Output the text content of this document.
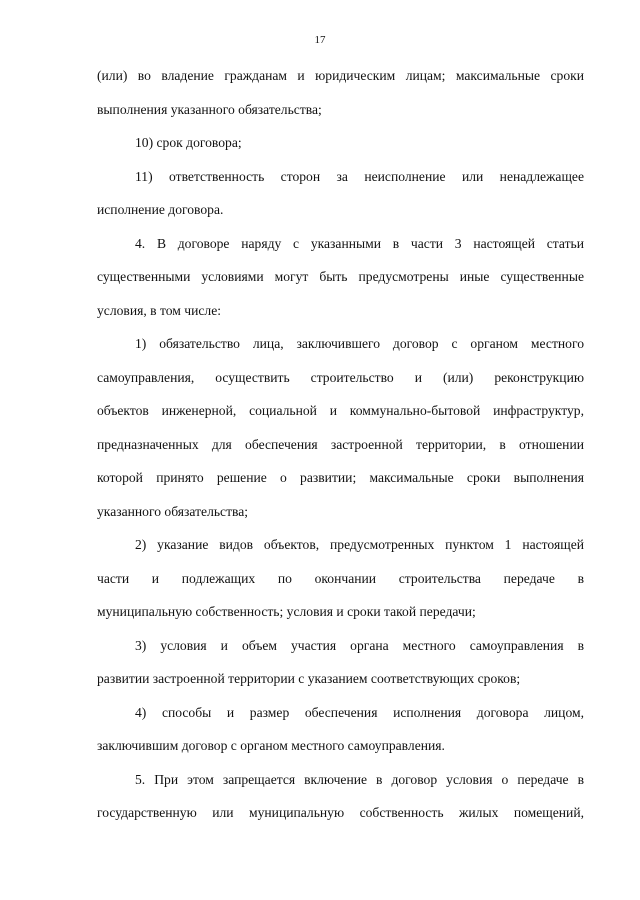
17
(или) во владение гражданам и юридическим лицам; максимальные сроки
выполнения указанного обязательства;
10) срок договора;
11) ответственность сторон за неисполнение или ненадлежащее
исполнение договора.
4. В договоре наряду с указанными в части 3 настоящей статьи
существенными условиями могут быть предусмотрены иные существенные
условия, в том числе:
1) обязательство лица, заключившего договор с органом местного
самоуправления, осуществить строительство и (или) реконструкцию
объектов инженерной, социальной и коммунально-бытовой инфраструктур,
предназначенных для обеспечения застроенной территории, в отношении
которой принято решение о развитии; максимальные сроки выполнения
указанного обязательства;
2) указание видов объектов, предусмотренных пунктом 1 настоящей
части и подлежащих по окончании строительства передаче в
муниципальную собственность; условия и сроки такой передачи;
3) условия и объем участия органа местного самоуправления в
развитии застроенной территории с указанием соответствующих сроков;
4) способы и размер обеспечения исполнения договора лицом,
заключившим договор с органом местного самоуправления.
5. При этом запрещается включение в договор условия о передаче в
государственную или муниципальную собственность жилых помещений,
